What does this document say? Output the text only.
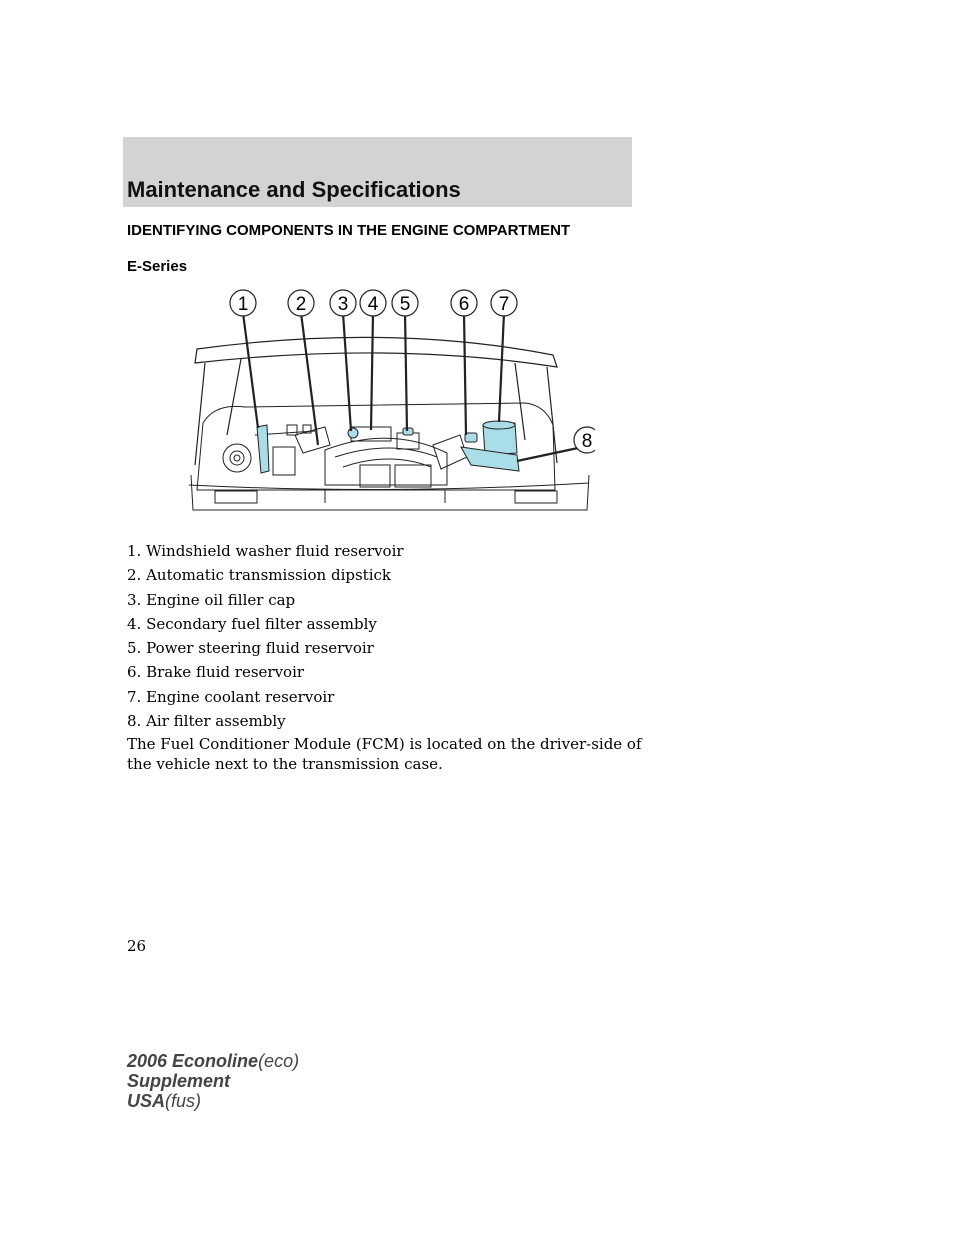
Maintenance and Specifications
IDENTIFYING COMPONENTS IN THE ENGINE COMPARTMENT
E-Series
1 2 3 4 5	6 7
8
1. Windshield washer fluid reservoir
2. Automatic transmission dipstick
3. Engine oil filler cap
4. Secondary fuel filter assembly
5. Power steering fluid reservoir
6. Brake fluid reservoir
7. Engine coolant reservoir
8. Air filter assembly

The Fuel Conditioner Module (FCM) is located on the driver-side of the vehicle next to the transmission case.

26
2006 Econoline(eco)
Supplement
USA(fus)
